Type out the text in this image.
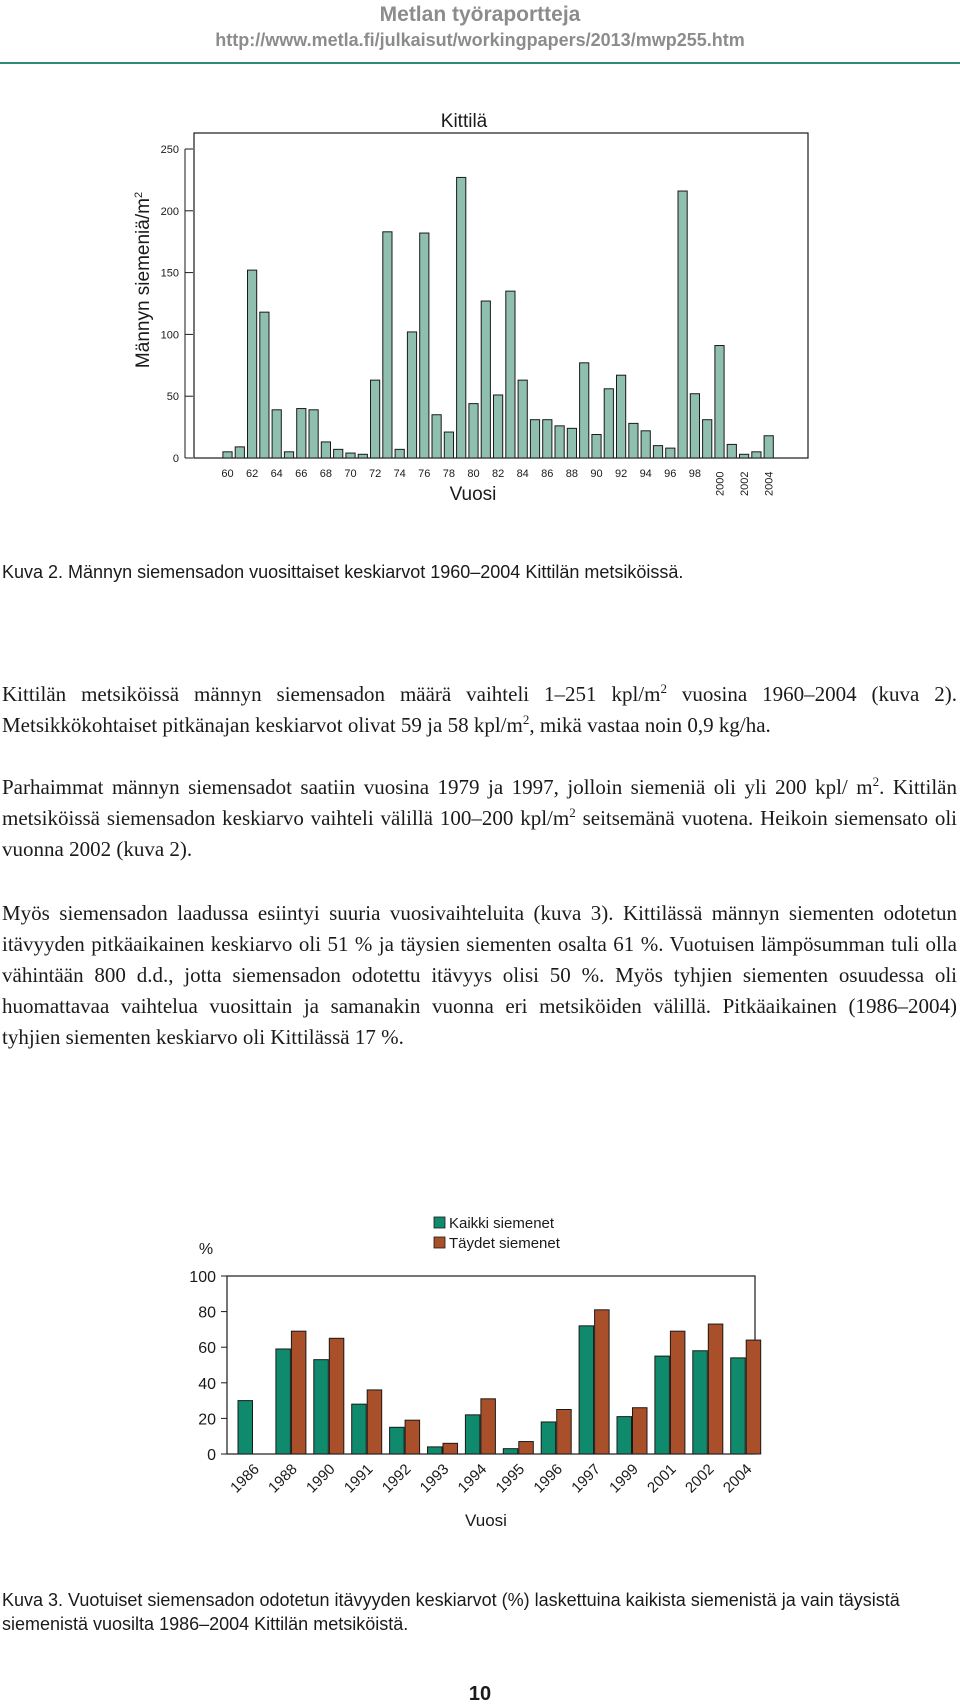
Metlan työraportteja
http://www.metla.fi/julkaisut/workingpapers/2013/mwp255.htm
Kittilä
0
50
100
150
200
250
Männyn siemeniä/$m^2$
60 62 64 66 68 70 72 74 76 78 80 82 84 86 88 90 92 94 96 98 2000 2002 2004
Vuosi
Kuva 2. Männyn siemensadon vuosittaiset keskiarvot 1960–2004 Kittilän metsiköissä.

Kittilän metsiköissä männyn siemensadon määrä vaihteli 1–251 kpl/$m^2$ vuosina 1960–2004 (kuva 2). Metsikkökohtaiset pitkänajan keskiarvot olivat 59 ja 58 kpl/$m^2$, mikä vastaa noin 0,9 kg/ha.

Parhaimmat männyn siemensadot saatiin vuosina 1979 ja 1997, jolloin siemeniä oli yli 200 kpl/ $m^2$. Kittilän metsiköissä siemensadon keskiarvo vaihteli välillä 100–200 kpl/$m^2$ seitsemänä vuotena. Heikoin siemensato oli vuonna 2002 (kuva 2).

Myös siemensadon laadussa esiintyi suuria vuosivaihteluita (kuva 3). Kittilässä männyn siementen odotetun itävyyden pitkäaikainen keskiarvo oli 51 % ja täysien siementen osalta 61 %. Vuotuisen lämpösumman tuli olla vähintään 800 d.d., jotta siemensadon odotettu itävyys olisi 50 %. Myös tyhjien siementen osuudessa oli huomattavaa vaihtelua vuosittain ja samanakin vuonna eri metsiköiden välillä. Pitkäaikainen (1986–2004) tyhjien siementen keskiarvo oli Kittilässä 17 %.

Kaikki siemenet
Täydet siemenet
%
0
20
40
60
80
100
1986 1988 1990 1991 1992 1993 1994 1995 1996 1997 1999 2001 2002 2004
Vuosi
Kuva 3. Vuotuiset siemensadon odotetun itävyyden keskiarvot (%) laskettuina kaikista siemenistä ja vain täysistä siemenistä vuosilta 1986–2004 Kittilän metsiköistä.
10
